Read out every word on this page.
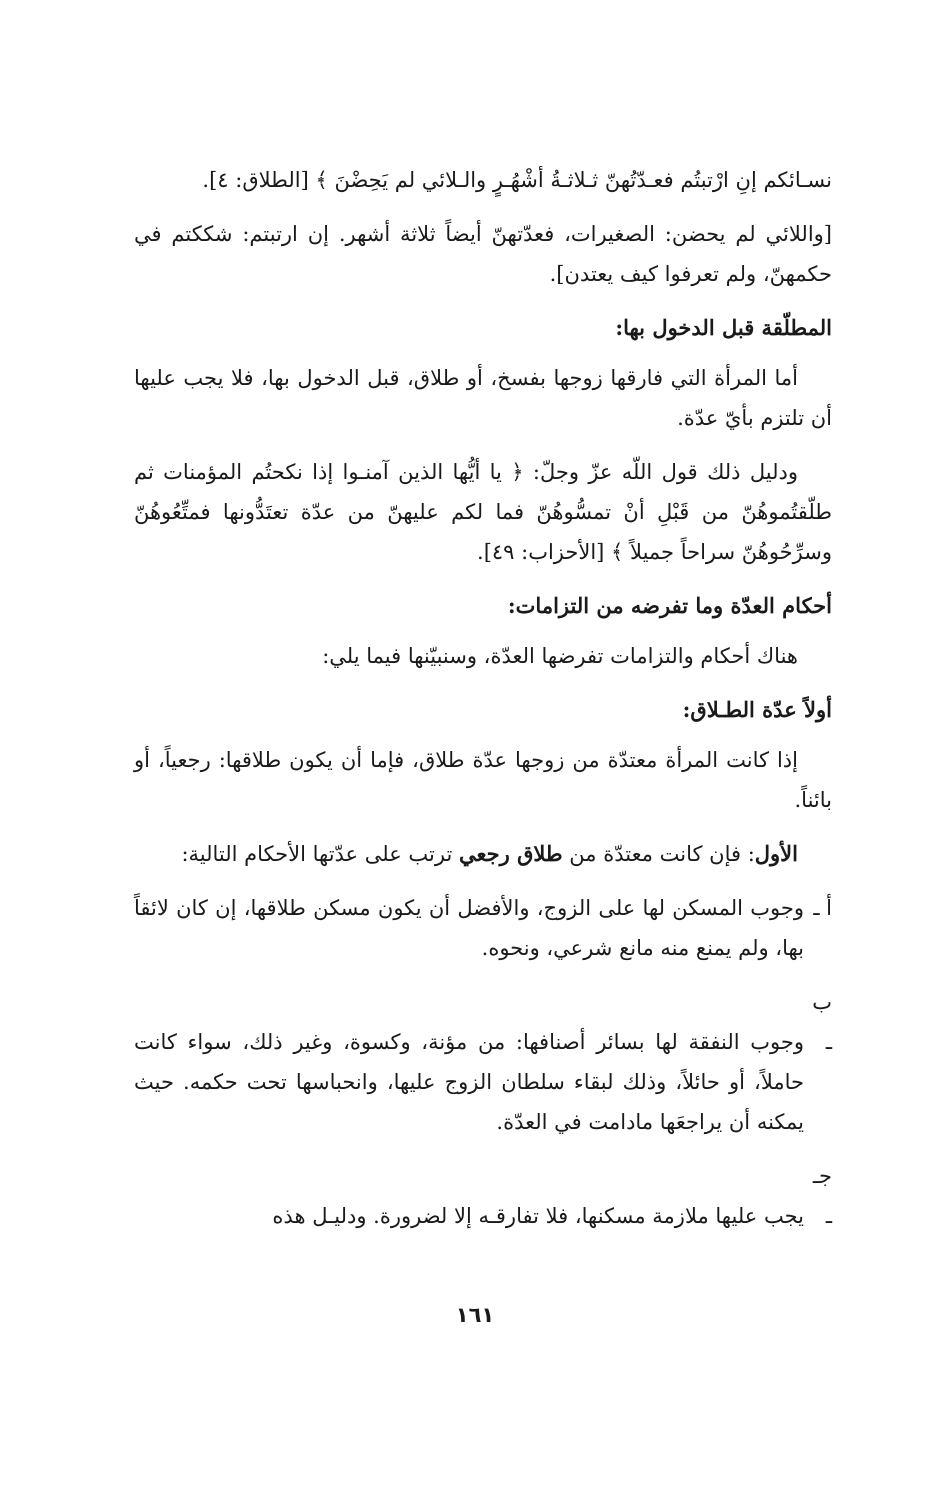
نسـائكم إنِ ارْتبتُم فعـدّتُهنّ ثـلاثـةُ أشْهُـرٍ والـلائي لم يَحِضْنَ ﴾ [الطلاق: ٤].

[واللائي لم يحضن: الصغيرات، فعدّتهنّ أيضاً ثلاثة أشهر. إن ارتبتم: شككتم في حكمهنّ، ولم تعرفوا كيف يعتدن].

المطلّقة قبل الدخول بها:

أما المرأة التي فارقها زوجها بفسخ، أو طلاق، قبل الدخول بها، فلا يجب عليها أن تلتزم بأيّ عدّة.

ودليل ذلك قول اللّه عزّ وجلّ: ﴿ يا أيُّها الذين آمنـوا إذا نكحتُم المؤمنات ثم طلّقتُموهُنّ من قَبْلِ أنْ تمسُّوهُنّ فما لكم عليهنّ من عدّة تعتَدُّونها فمتِّعُوهُنّ وسرِّحُوهُنّ سراحاً جميلاً ﴾ [الأحزاب: ٤٩].

أحكام العدّة وما تفرضه من التزامات:

هناك أحكام والتزامات تفرضها العدّة، وسنبيّنها فيما يلي:

أولاً عدّة الطـلاق:

إذا كانت المرأة معتدّة من زوجها عدّة طلاق، فإما أن يكون طلاقها: رجعياً، أو بائناً.

الأول: فإن كانت معتدّة من طلاق رجعي ترتب على عدّتها الأحكام التالية:

أ ـوجوب المسكن لها على الزوج، والأفضل أن يكون مسكن طلاقها، إن كان لائقاً بها، ولم يمنع منه مانع شرعي، ونحوه.

ب ـوجوب النفقة لها بسائر أصنافها: من مؤنة، وكسوة، وغير ذلك، سواء كانت حاملاً، أو حائلاً، وذلك لبقاء سلطان الزوج عليها، وانحباسها تحت حكمه. حيث يمكنه أن يراجعَها مادامت في العدّة.

جـ ـيجب عليها ملازمة مسكنها، فلا تفارقـه إلا لضرورة. ودليـل هذه

١٦١
